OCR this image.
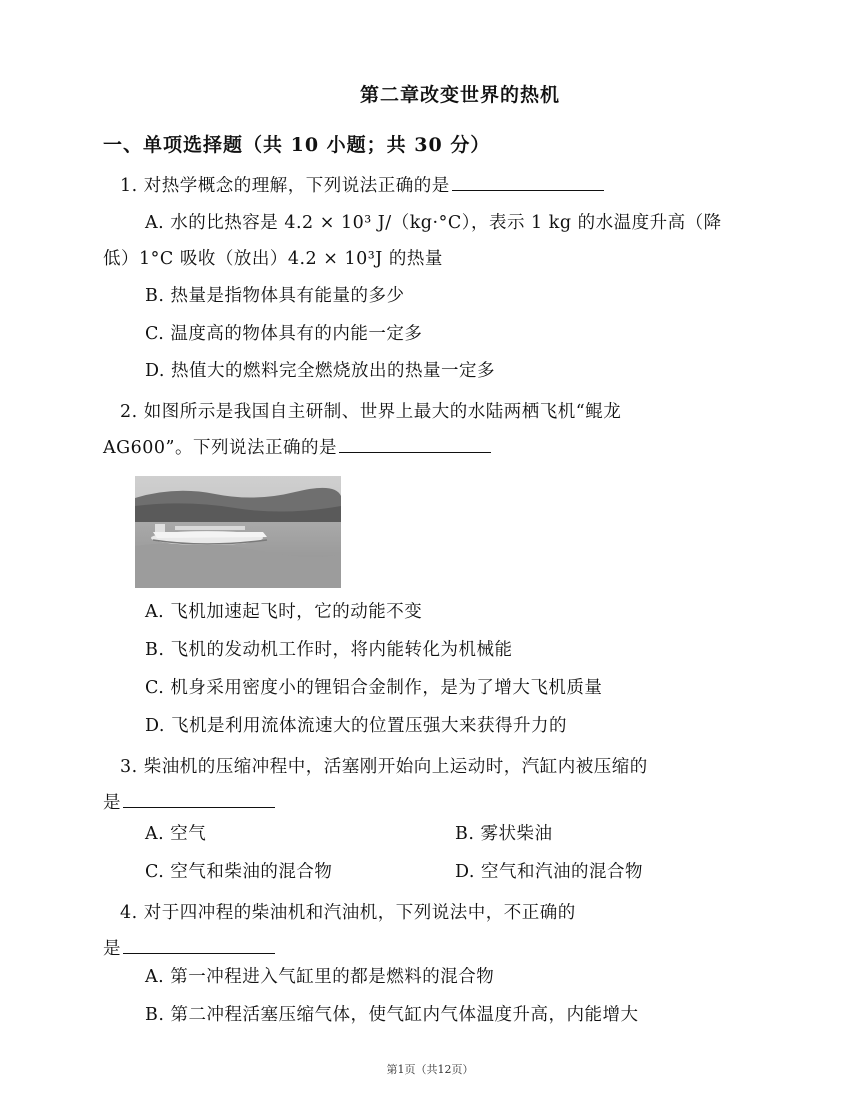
第二章改变世界的热机
一、单项选择题（共 10 小题；共 30 分）
1. 对热学概念的理解，下列说法正确的是
A. 水的比热容是 4.2 × 10³ J/（kg·°C），表示 1 kg 的水温度升高（降
低）1°C 吸收（放出）4.2 × 10³J 的热量
B. 热量是指物体具有能量的多少
C. 温度高的物体具有的内能一定多
D. 热值大的燃料完全燃烧放出的热量一定多
2. 如图所示是我国自主研制、世界上最大的水陆两栖飞机“鲲龙
AG600”。下列说法正确的是
A. 飞机加速起飞时，它的动能不变
B. 飞机的发动机工作时，将内能转化为机械能
C. 机身采用密度小的锂铝合金制作，是为了增大飞机质量
D. 飞机是利用流体流速大的位置压强大来获得升力的
3. 柴油机的压缩冲程中，活塞刚开始向上运动时，汽缸内被压缩的
是
A. 空气	B. 雾状柴油
C. 空气和柴油的混合物	D. 空气和汽油的混合物
4. 对于四冲程的柴油机和汽油机，下列说法中，不正确的
是
A. 第一冲程进入气缸里的都是燃料的混合物
B. 第二冲程活塞压缩气体，使气缸内气体温度升高，内能增大
第1页（共12页）
